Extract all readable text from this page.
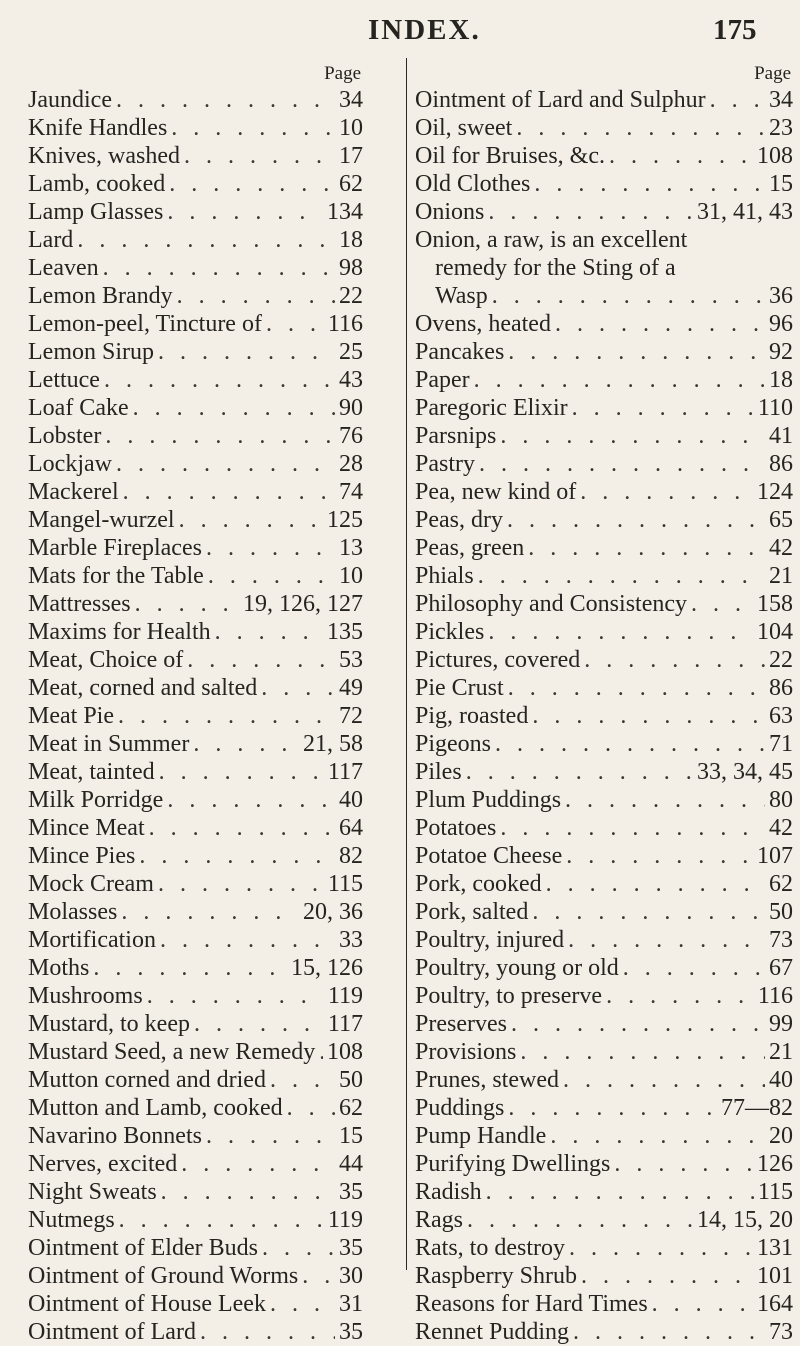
INDEX.	175
Page
Jaundice . . .	34
Knife Handles . . .	10
Knives, washed . . .	17
Lamb, cooked . . .	62
Lamp Glasses . . .	134
Lard . . .	18
Leaven . . .	98
Lemon Brandy . . .	22
Lemon-peel, Tincture of . . .	116
Lemon Sirup . . .	25
Lettuce . . .	43
Loaf Cake . . .	90
Lobster . . .	76
Lockjaw . . .	28
Mackerel . . .	74
Mangel-wurzel . . .	125
Marble Fireplaces . . .	13
Mats for the Table . . .	10
Mattresses . . .	19, 126, 127
Maxims for Health . . .	135
Meat, Choice of . . .	53
Meat, corned and salted . . .	49
Meat Pie . . .	72
Meat in Summer . . .	21, 58
Meat, tainted . . .	117
Milk Porridge . . .	40
Mince Meat . . .	64
Mince Pies . . .	82
Mock Cream . . .	115
Molasses . . .	20, 36
Mortification . . .	33
Moths . . .	15, 126
Mushrooms . . .	119
Mustard, to keep . . .	117
Mustard Seed, a new Remedy . . . 108
Mutton corned and dried . . .	50
Mutton and Lamb, cooked . . . 62
Navarino Bonnets . . .	15
Nerves, excited . . .	44
Night Sweats . . .	35
Nutmegs . . .	119
Ointment of Elder Buds . . .	35
Ointment of Ground Worms . . . 30
Ointment of House Leek . . .	31
Ointment of Lard . . .	35
Page
Ointment of Lard and Sulphur . . .	34
Oil, sweet . . .	23
Oil for Bruises, &c. . . .	108
Old Clothes . . .	15
Onions . . .	31, 41, 43
Onion, a raw, is an excellent
remedy for the Sting of a
Wasp . . .	36
Ovens, heated . . .	96
Pancakes . . .	92
Paper . . .	18
Paregoric Elixir . . .	110
Parsnips . . .	41
Pastry . . .	86
Pea, new kind of . . .	124
Peas, dry . . .	65
Peas, green . . .	42
Phials . . .	21
Philosophy and Consistency . . .	158
Pickles . . .	104
Pictures, covered . . .	22
Pie Crust . . .	86
Pig, roasted . . .	63
Pigeons . . .	71
Piles . . .	33, 34, 45
Plum Puddings . . .	80
Potatoes . . .	42
Potatoe Cheese . . .	107
Pork, cooked . . .	62
Pork, salted . . .	50
Poultry, injured . . .	73
Poultry, young or old . . .	67
Poultry, to preserve . . .	116
Preserves . . .	99
Provisions . . .	21
Prunes, stewed . . .	40
Puddings . . .	77—82
Pump Handle . . .	20
Purifying Dwellings . . .	126
Radish . . .	115
Rags . . .	14, 15, 20
Rats, to destroy . . .	131
Raspberry Shrub . . .	101
Reasons for Hard Times . . .	164
Rennet Pudding . . .	73
